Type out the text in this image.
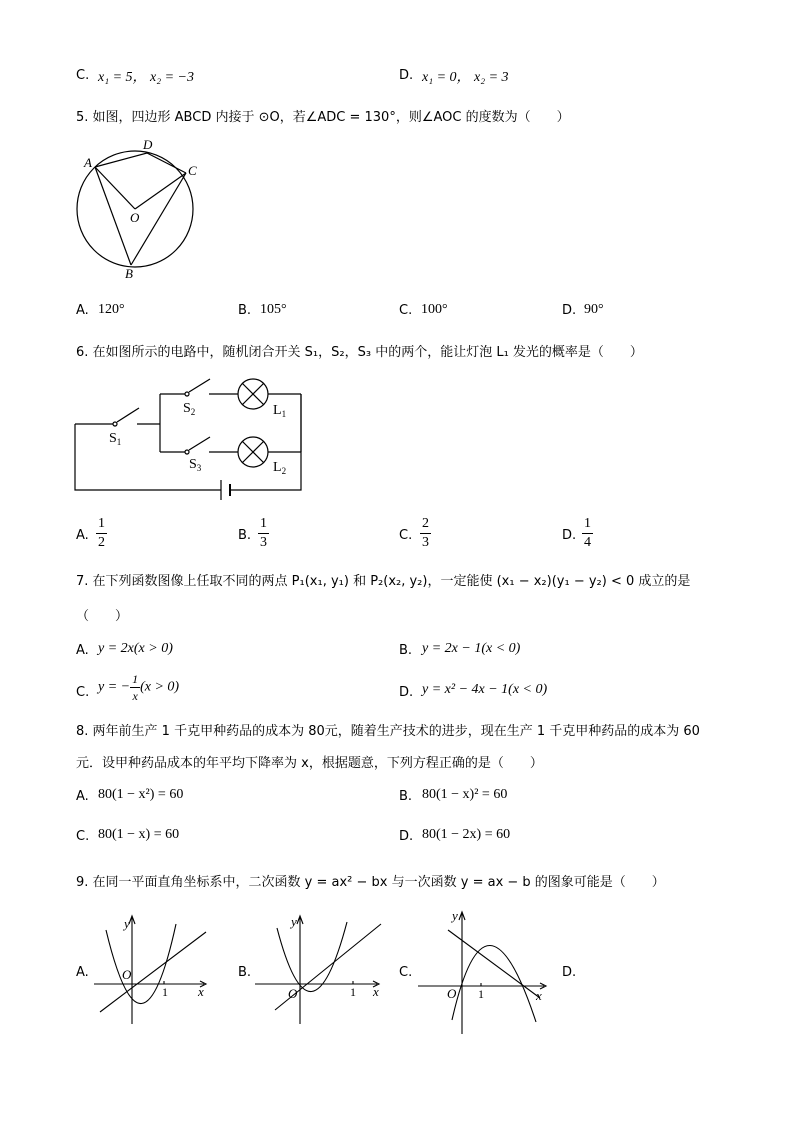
C. x₁ = 5， x₂ = −3	D. x₁ = 0， x₂ = 3
5. 如图，四边形 ABCD 内接于 ⊙O，若∠ADC = 130°，则∠AOC 的度数为（　　）
A
D
C
O
B
A. 120°	B. 105°	C. 100°	D. 90°
6. 在如图所示的电路中，随机闭合开关 S₁，S₂，S₃ 中的两个，能让灯泡 L₁ 发光的概率是（　　）
$S_1$
$S_2$
$S_3$
$L_1$
$L_2$
A. $\frac{1}{2}$	B. $\frac{1}{3}$	C. $\frac{2}{3}$	D. $\frac{1}{4}$
7. 在下列函数图像上任取不同的两点 P₁(x₁, y₁) 和 P₂(x₂, y₂)，一定能使 (x₁ − x₂)(y₁ − y₂) < 0 成立的是
（　　）
A. y = 2x(x > 0)	B. y = 2x − 1(x < 0)
C. y = − $\frac{1}{x} (x > 0)$	D. y = x² − 4x − 1(x < 0)
8. 两年前生产 1 千克甲种药品的成本为 80元，随着生产技术的进步，现在生产 1 千克甲种药品的成本为 60
元．设甲种药品成本的年平均下降率为 x，根据题意，下列方程正确的是（　　）
A. 80(1 − x²) = 60	B. 80(1 − x)² = 60
C. 80(1 − x) = 60	D. 80(1 − 2x) = 60
9. 在同一平面直角坐标系中，二次函数 y = ax² − bx 与一次函数 y = ax − b 的图象可能是（　　）
A.	O
1 x
y
B.
O	1 x
y
C.
O 1	x
y
D.
